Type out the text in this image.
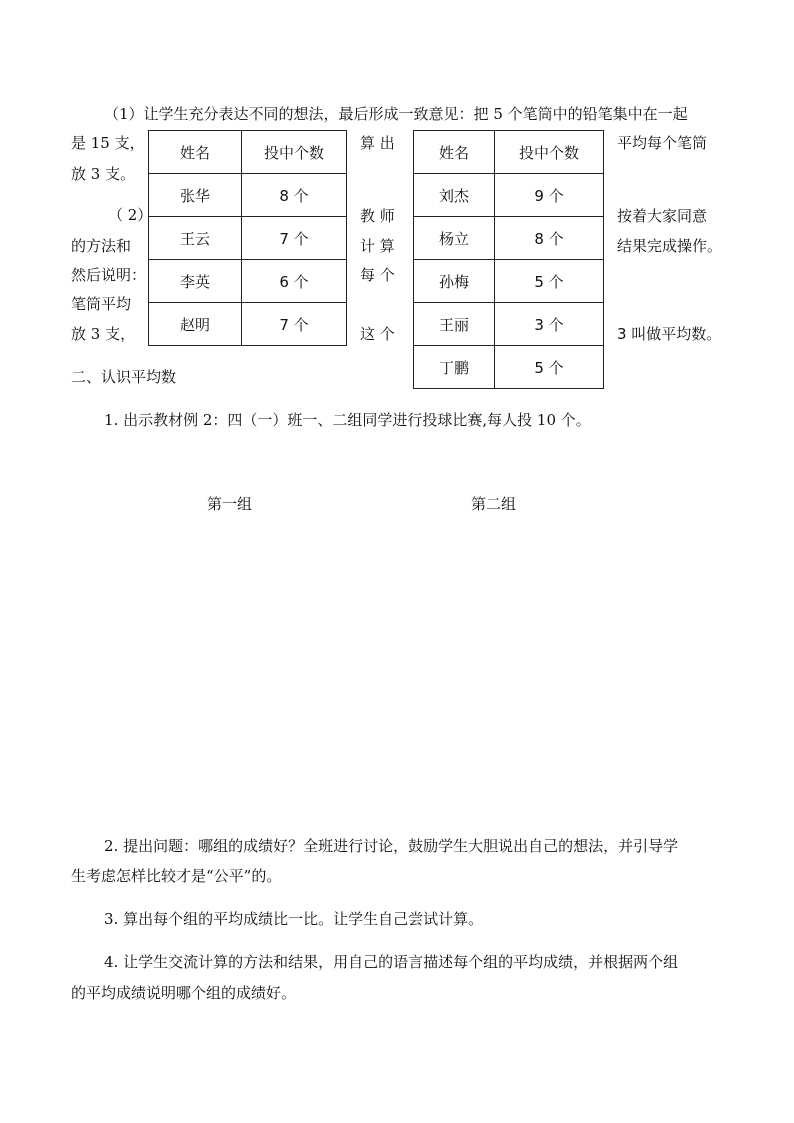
（1）让学生充分表达不同的想法，最后形成一致意见：把 5 个笔筒中的铅笔集中在一起
是 15 支，
放 3 支。
（ 2）
的方法和
然后说明：
笔筒平均
放 3 支，
姓名	投中个数
张华	8 个
王云	7 个
李英	6 个
赵明	7 个
算 出
教 师
计 算
每 个
这 个
姓名	投中个数
刘杰	9 个
杨立	8 个
孙梅	5 个
王丽	3 个
丁鹏	5 个
平均每个笔筒
按着大家同意
结果完成操作。
3 叫做平均数。
二、认识平均数
1. 出示教材例 2：四（一）班一、二组同学进行投球比赛,每人投 10 个。
第一组	第二组
2. 提出问题：哪组的成绩好？全班进行讨论，鼓励学生大胆说出自己的想法，并引导学
生考虑怎样比较才是“公平”的。
3. 算出每个组的平均成绩比一比。让学生自己尝试计算。
4. 让学生交流计算的方法和结果，用自己的语言描述每个组的平均成绩，并根据两个组
的平均成绩说明哪个组的成绩好。
